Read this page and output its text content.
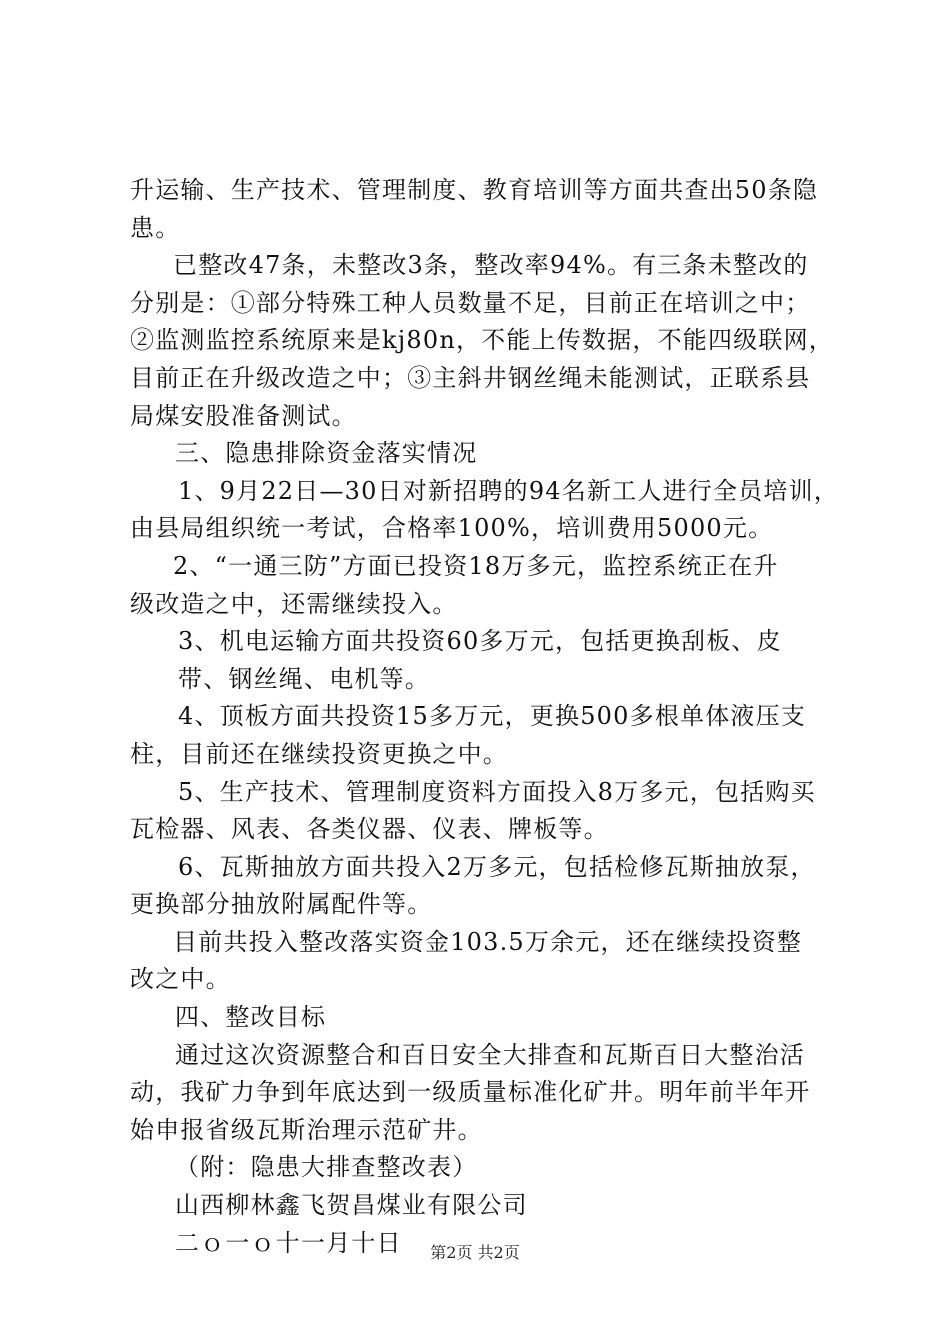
升运输、生产技术、管理制度、教育培训等方面共查出50条隐
患。
已整改47条，未整改3条，整改率94%。有三条未整改的
分别是：①部分特殊工种人员数量不足，目前正在培训之中；
②监测监控系统原来是kj80n，不能上传数据，不能四级联网，
目前正在升级改造之中；③主斜井钢丝绳未能测试，正联系县
局煤安股准备测试。
三、隐患排除资金落实情况
1、9月22日—30日对新招聘的94名新工人进行全员培训，
由县局组织统一考试，合格率100%，培训费用5000元。
2、“一通三防”方面已投资18万多元，监控系统正在升
级改造之中，还需继续投入。
3、机电运输方面共投资60多万元，包括更换刮板、皮
带、钢丝绳、电机等。
4、顶板方面共投资15多万元，更换500多根单体液压支
柱，目前还在继续投资更换之中。
5、生产技术、管理制度资料方面投入8万多元，包括购买
瓦检器、风表、各类仪器、仪表、牌板等。
6、瓦斯抽放方面共投入2万多元，包括检修瓦斯抽放泵，
更换部分抽放附属配件等。
目前共投入整改落实资金103.5万余元，还在继续投资整
改之中。
四、整改目标
通过这次资源整合和百日安全大排查和瓦斯百日大整治活
动，我矿力争到年底达到一级质量标准化矿井。明年前半年开
始申报省级瓦斯治理示范矿井。
（附：隐患大排查整改表）
山西柳林鑫飞贺昌煤业有限公司
二ｏ一ｏ十一月十日	第2页 共2页
